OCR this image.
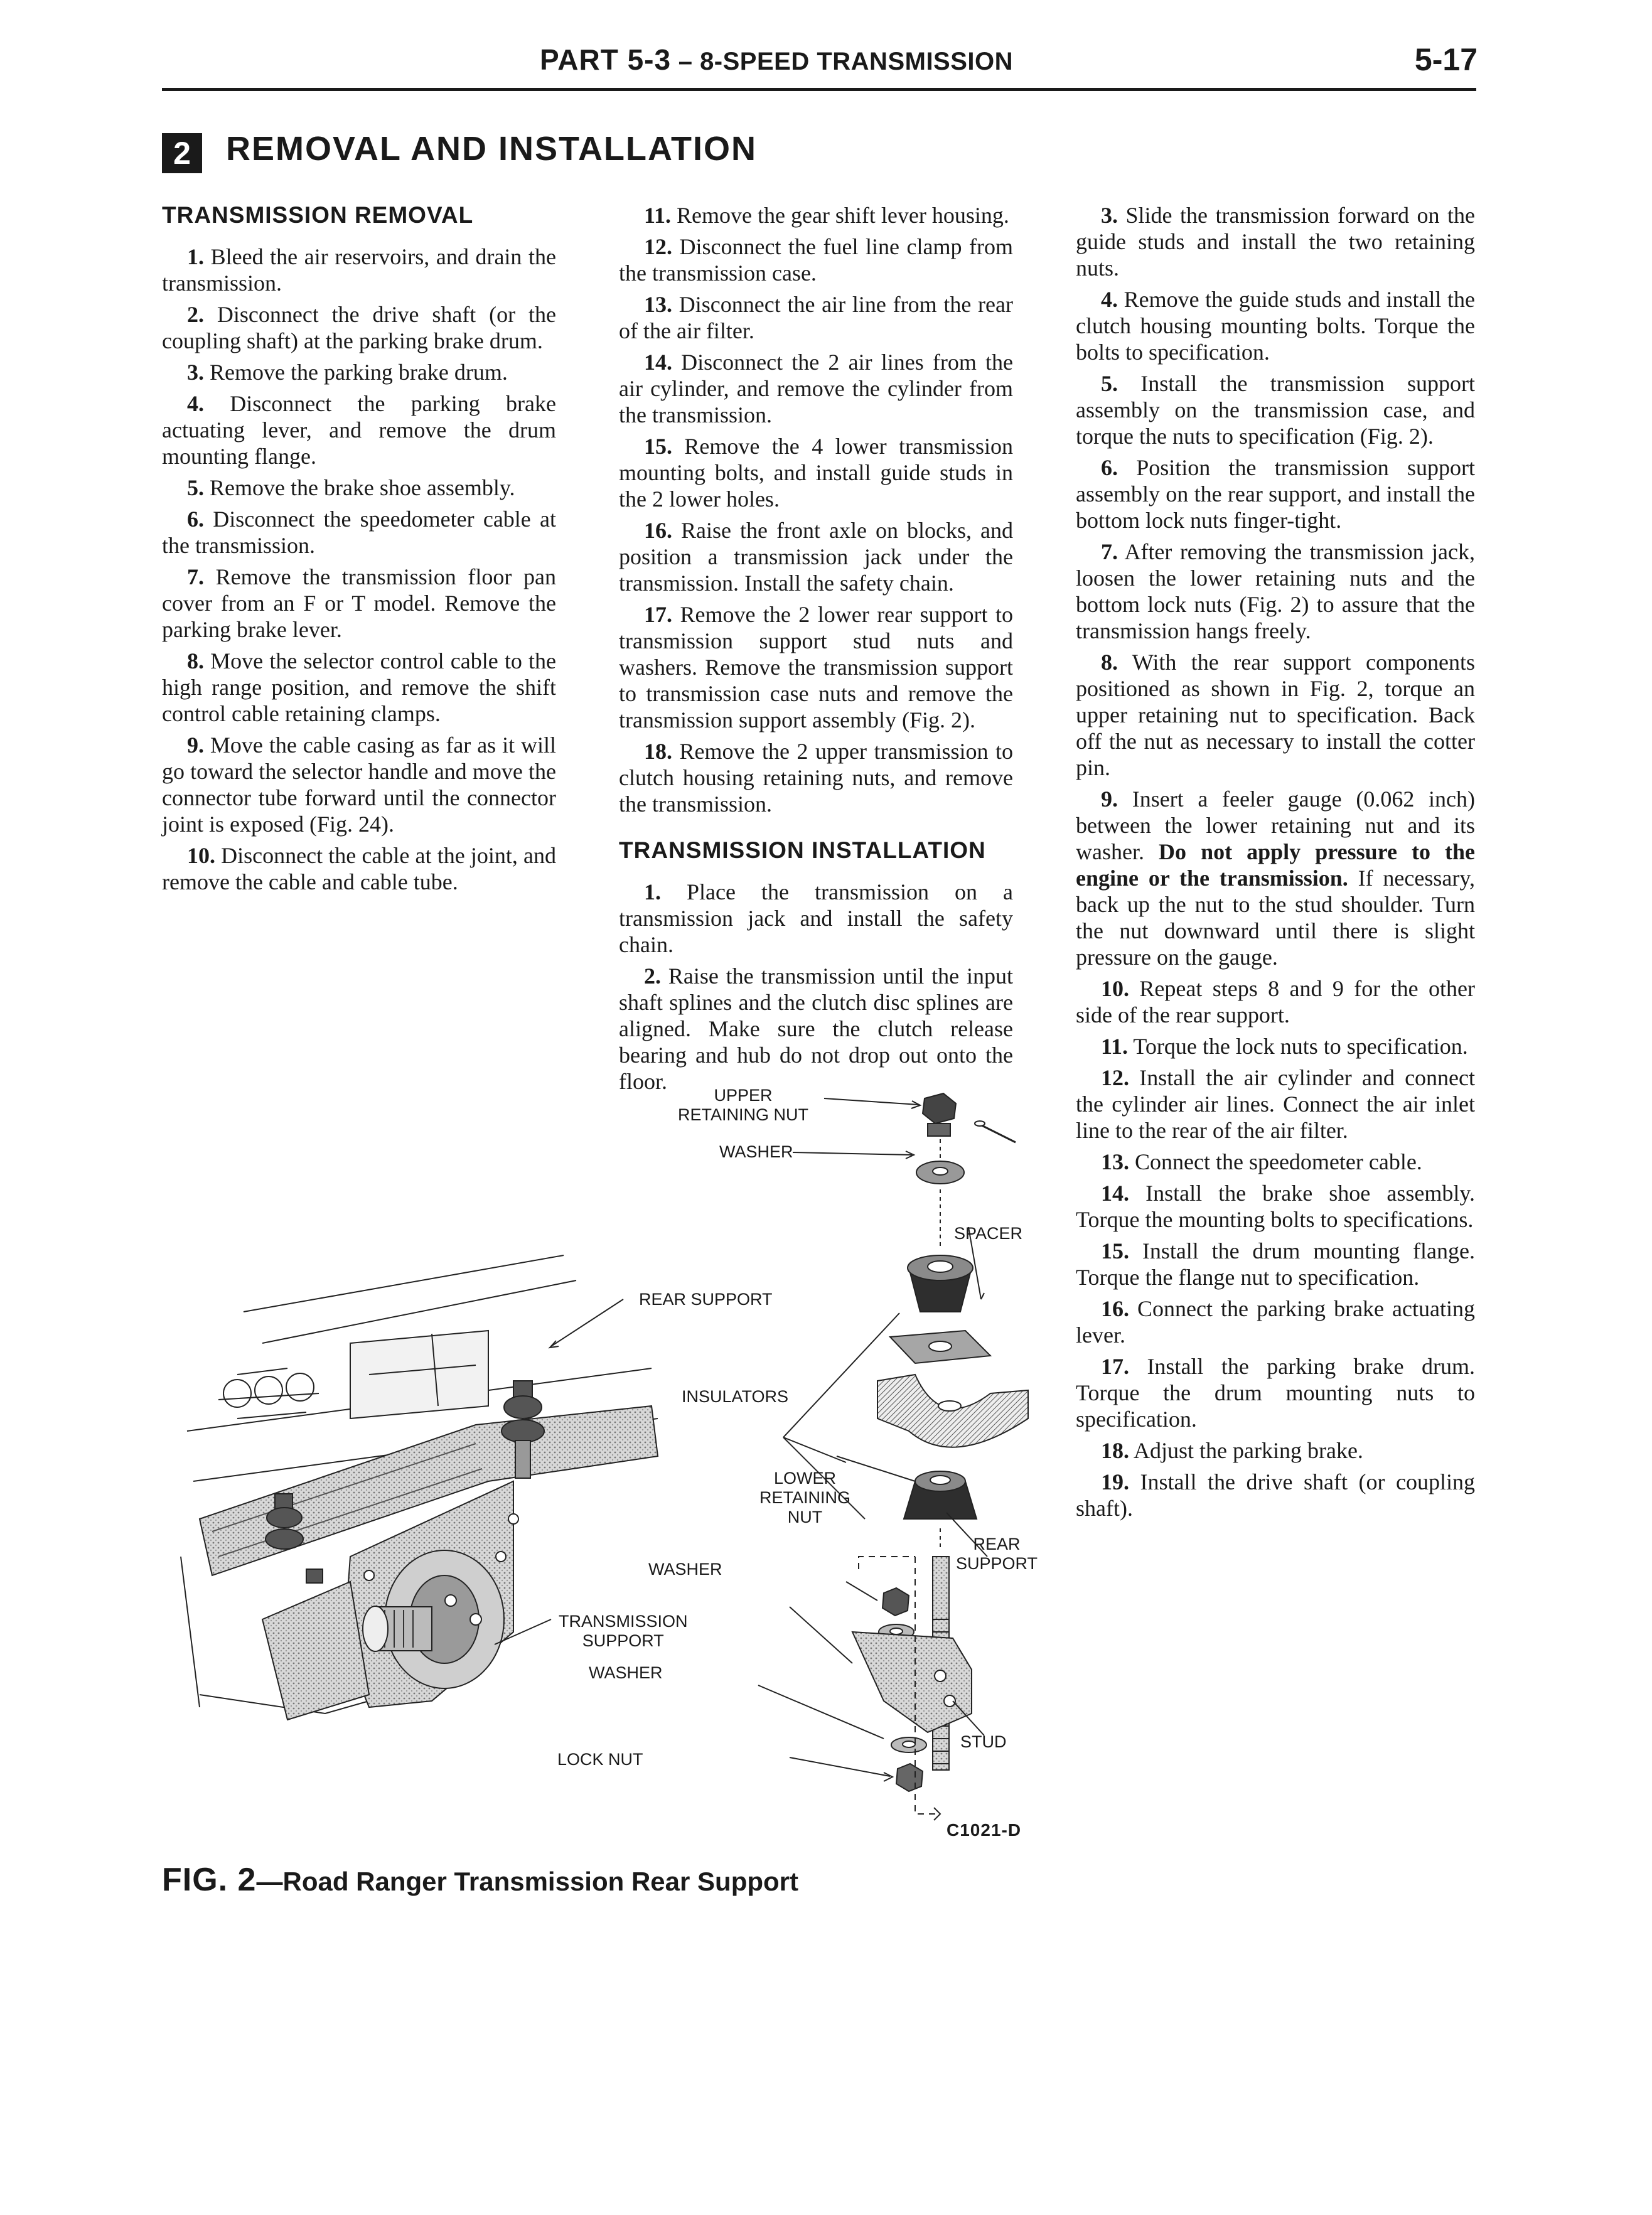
PART 5-3 – 8-SPEED TRANSMISSION	5-17
2	REMOVAL AND INSTALLATION
TRANSMISSION REMOVAL

1. Bleed the air reservoirs, and drain the transmission.

2. Disconnect the drive shaft (or the coupling shaft) at the parking brake drum.

3. Remove the parking brake drum.

4. Disconnect the parking brake actuating lever, and remove the drum mounting flange.

5. Remove the brake shoe assembly.

6. Disconnect the speedometer cable at the transmission.

7. Remove the transmission floor pan cover from an F or T model. Remove the parking brake lever.

8. Move the selector control cable to the high range position, and remove the shift control cable retaining clamps.

9. Move the cable casing as far as it will go toward the selector handle and move the connector tube forward until the connector joint is exposed (Fig. 24).

10. Disconnect the cable at the joint, and remove the cable and cable tube.

11. Remove the gear shift lever housing.

12. Disconnect the fuel line clamp from the transmission case.

13. Disconnect the air line from the rear of the air filter.

14. Disconnect the 2 air lines from the air cylinder, and remove the cylinder from the transmission.

15. Remove the 4 lower transmission mounting bolts, and install guide studs in the 2 lower holes.

16. Raise the front axle on blocks, and position a transmission jack under the transmission. Install the safety chain.

17. Remove the 2 lower rear support to transmission support stud nuts and washers. Remove the transmission support to transmission case nuts and remove the transmission support assembly (Fig. 2).

18. Remove the 2 upper transmission to clutch housing retaining nuts, and remove the transmission.

TRANSMISSION INSTALLATION

1. Place the transmission on a transmission jack and install the safety chain.

2. Raise the transmission until the input shaft splines and the clutch disc splines are aligned. Make sure the clutch release bearing and hub do not drop out onto the floor.

3. Slide the transmission forward on the guide studs and install the two retaining nuts.

4. Remove the guide studs and install the clutch housing mounting bolts. Torque the bolts to specification.

5. Install the transmission support assembly on the transmission case, and torque the nuts to specification (Fig. 2).

6. Position the transmission support assembly on the rear support, and install the bottom lock nuts finger-tight.

7. After removing the transmission jack, loosen the lower retaining nuts and the bottom lock nuts (Fig. 2) to assure that the transmission hangs freely.

8. With the rear support components positioned as shown in Fig. 2, torque an upper retaining nut to specification. Back off the nut as necessary to install the cotter pin.

9. Insert a feeler gauge (0.062 inch) between the lower retaining nut and its washer. Do not apply pressure to the engine or the transmission. If necessary, back up the nut to the stud shoulder. Turn the nut downward until there is slight pressure on the gauge.

10. Repeat steps 8 and 9 for the other side of the rear support.

11. Torque the lock nuts to specification.

12. Install the air cylinder and connect the cylinder air lines. Connect the air inlet line to the rear of the air filter.

13. Connect the speedometer cable.

14. Install the brake shoe assembly. Torque the mounting bolts to specifications.

15. Install the drum mounting flange. Torque the flange nut to specification.

16. Connect the parking brake actuating lever.

17. Install the parking brake drum. Torque the drum mounting nuts to specification.

18. Adjust the parking brake.

19. Install the drive shaft (or coupling shaft).

UPPER
RETAINING NUT
WASHER
SPACER
REAR SUPPORT
INSULATORS
LOWER
RETAINING
NUT
WASHER
REAR
SUPPORT
TRANSMISSION
SUPPORT
WASHER
STUD
LOCK NUT
C1021-D
FIG. 2—Road Ranger Transmission Rear Support
